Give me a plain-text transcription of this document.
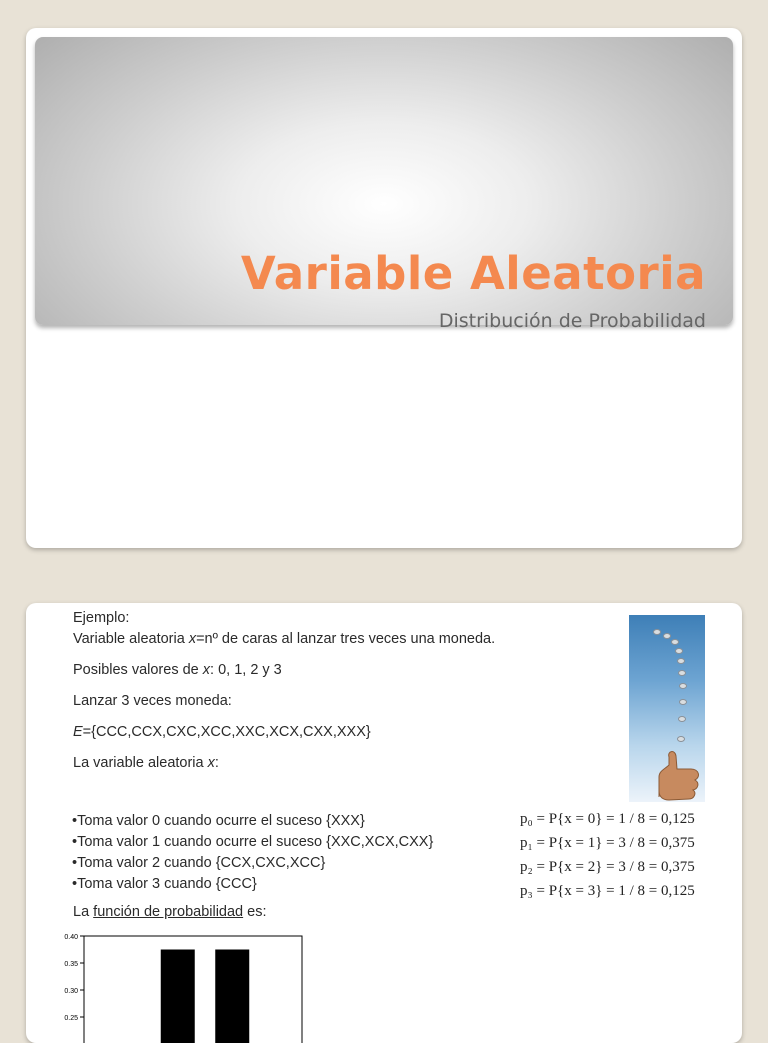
Variable Aleatoria
Distribución de Probabilidad
Ejemplo:
Variable aleatoria x=nº de caras al lanzar tres veces una moneda.
Posibles valores de x: 0, 1, 2 y 3
Lanzar 3 veces moneda:
E={CCC,CCX,CXC,XCC,XXC,XCX,CXX,XXX}
La variable aleatoria x:
•Toma valor 0 cuando ocurre el suceso {XXX}
•Toma valor 1 cuando ocurre el suceso {XXC,XCX,CXX}
•Toma valor 2 cuando {CCX,CXC,XCC}
•Toma valor 3 cuando {CCC}
p₀ = P{x = 0} = 1 / 8 = 0,125
p₁ = P{x = 1} = 3 / 8 = 0,375
p₂ = P{x = 2} = 3 / 8 = 0,375
p₃ = P{x = 3} = 1 / 8 = 0,125
La función de probabilidad es:
0.40
0.35
0.30
0.25
